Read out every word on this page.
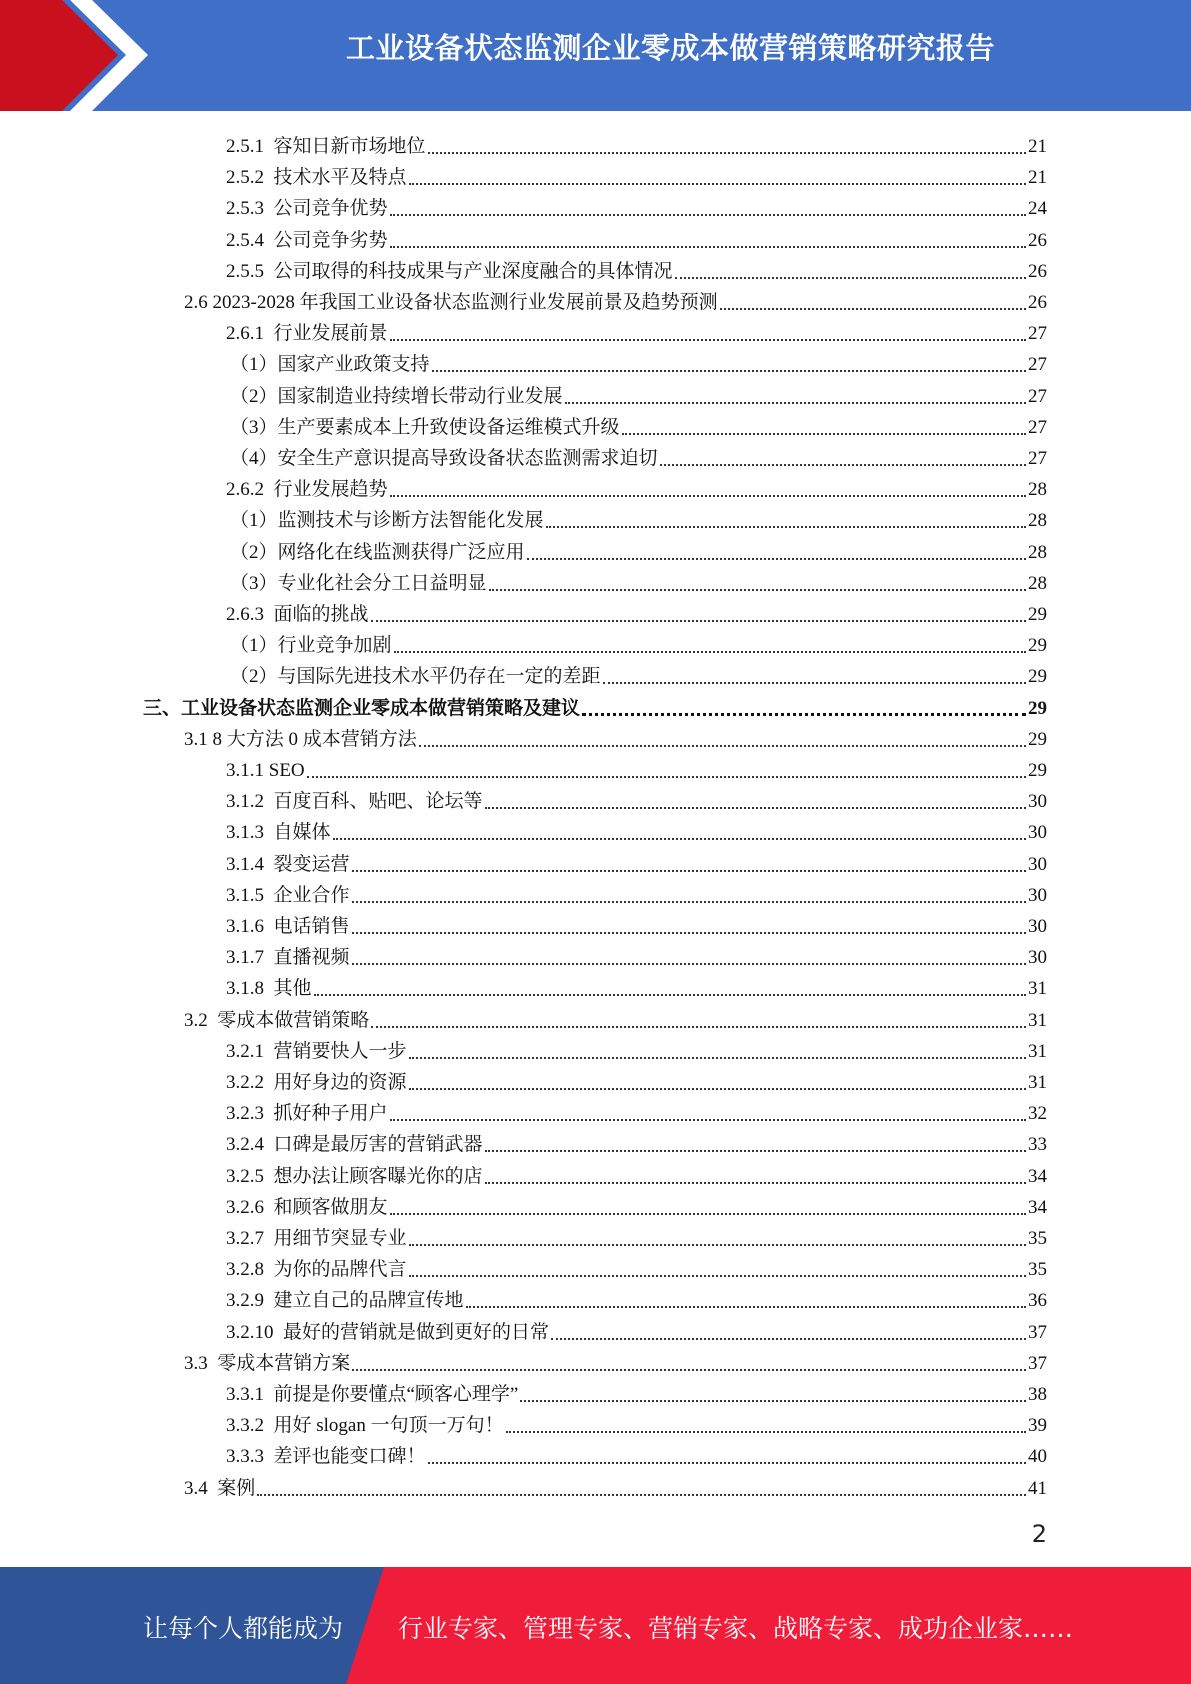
工业设备状态监测企业零成本做营销策略研究报告
2.5.1  容知日新市场地位	21
2.5.2  技术水平及特点	21
2.5.3  公司竞争优势	24
2.5.4  公司竞争劣势	26
2.5.5  公司取得的科技成果与产业深度融合的具体情况	26
2.6 2023-2028 年我国工业设备状态监测行业发展前景及趋势预测	26
2.6.1  行业发展前景	27
（1）国家产业政策支持	27
（2）国家制造业持续增长带动行业发展	27
（3）生产要素成本上升致使设备运维模式升级	27
（4）安全生产意识提高导致设备状态监测需求迫切	27
2.6.2  行业发展趋势	28
（1）监测技术与诊断方法智能化发展	28
（2）网络化在线监测获得广泛应用	28
（3）专业化社会分工日益明显	28
2.6.3  面临的挑战	29
（1）行业竞争加剧	29
（2）与国际先进技术水平仍存在一定的差距	29
三、工业设备状态监测企业零成本做营销策略及建议	29
3.1 8 大方法 0 成本营销方法	29
3.1.1 SEO	29
3.1.2  百度百科、贴吧、论坛等	30
3.1.3  自媒体	30
3.1.4  裂变运营	30
3.1.5  企业合作	30
3.1.6  电话销售	30
3.1.7  直播视频	30
3.1.8  其他	31
3.2  零成本做营销策略	31
3.2.1  营销要快人一步	31
3.2.2  用好身边的资源	31
3.2.3  抓好种子用户	32
3.2.4  口碑是最厉害的营销武器	33
3.2.5  想办法让顾客曝光你的店	34
3.2.6  和顾客做朋友	34
3.2.7  用细节突显专业	35
3.2.8  为你的品牌代言	35
3.2.9  建立自己的品牌宣传地	36
3.2.10  最好的营销就是做到更好的日常	37
3.3  零成本营销方案	37
3.3.1  前提是你要懂点“顾客心理学”	38
3.3.2  用好 slogan 一句顶一万句！	39
3.3.3  差评也能变口碑！	40
3.4  案例	41
2
让每个人都能成为 行业专家、管理专家、营销专家、战略专家、成功企业家……
